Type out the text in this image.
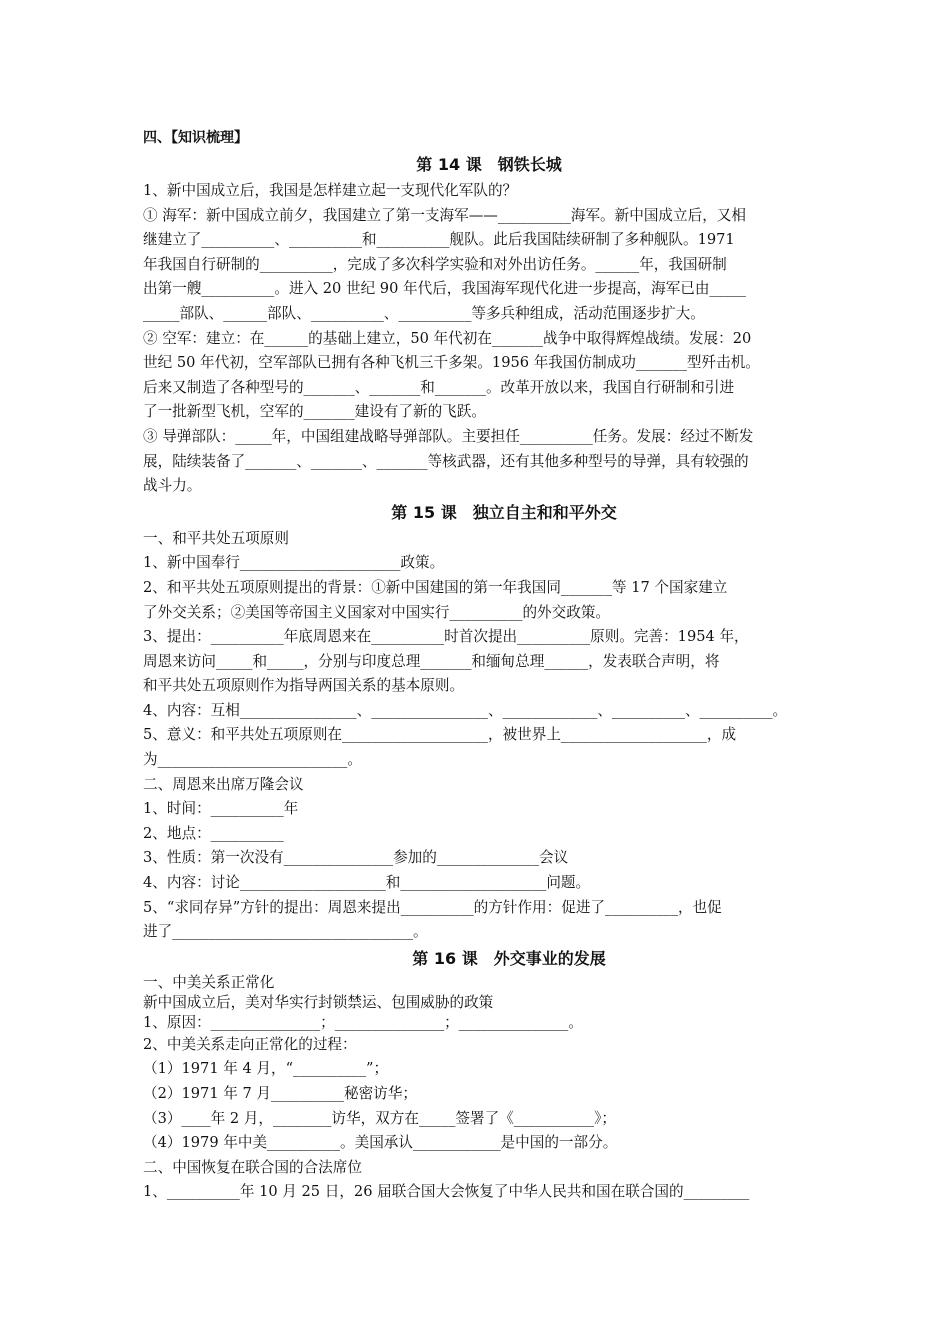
四、【知识梳理】
第 14 课　钢铁长城
1、新中国成立后，我国是怎样建立起一支现代化军队的？
① 海军：新中国成立前夕，我国建立了第一支海军——__________海军。新中国成立后，又相
继建立了__________、__________和__________舰队。此后我国陆续研制了多种舰队。1971
年我国自行研制的__________，完成了多次科学实验和对外出访任务。______年，我国研制
出第一艘__________。进入 20 世纪 90 年代后，我国海军现代化进一步提高，海军已由_____
_____部队、______部队、__________、__________等多兵种组成，活动范围逐步扩大。
② 空军：建立：在______的基础上建立，50 年代初在_______战争中取得辉煌战绩。发展：20
世纪 50 年代初，空军部队已拥有各种飞机三千多架。1956 年我国仿制成功_______型歼击机。
后来又制造了各种型号的_______、_______和_______。改革开放以来，我国自行研制和引进
了一批新型飞机，空军的_______建设有了新的飞跃。
③ 导弹部队：_____年，中国组建战略导弹部队。主要担任__________任务。发展：经过不断发
展，陆续装备了_______、_______、_______等核武器，还有其他多种型号的导弹，具有较强的
战斗力。
第 15 课　独立自主和和平外交
一、和平共处五项原则
1、新中国奉行______________________政策。
2、和平共处五项原则提出的背景：①新中国建国的第一年我国同_______等 17 个国家建立
了外交关系；②美国等帝国主义国家对中国实行__________的外交政策。
3、提出：__________年底周恩来在__________时首次提出__________原则。完善：1954 年，
周恩来访问_____和_____，分别与印度总理_______和缅甸总理______，发表联合声明，将
和平共处五项原则作为指导两国关系的基本原则。
4、内容：互相________________、________________、_____________、__________、__________。
5、意义：和平共处五项原则在____________________，被世界上____________________，成
为__________________________。
二、周恩来出席万隆会议
1、时间：__________年
2、地点：__________
3、性质：第一次没有_______________参加的______________会议
4、内容：讨论____________________和____________________问题。
5、“求同存异”方针的提出：周恩来提出__________的方针作用：促进了__________，也促
进了_________________________________。
第 16 课　外交事业的发展
一、中美关系正常化
新中国成立后，美对华实行封锁禁运、包围威胁的政策
1、原因：_______________；_______________；_______________。
2、中美关系走向正常化的过程：
（1）1971 年 4 月，“__________”；
（2）1971 年 7 月__________秘密访华；
（3）____年 2 月，________访华，双方在_____签署了《___________》；
（4）1979 年中美__________。美国承认____________是中国的一部分。
二、中国恢复在联合国的合法席位
1、__________年 10 月 25 日，26 届联合国大会恢复了中华人民共和国在联合国的_________
